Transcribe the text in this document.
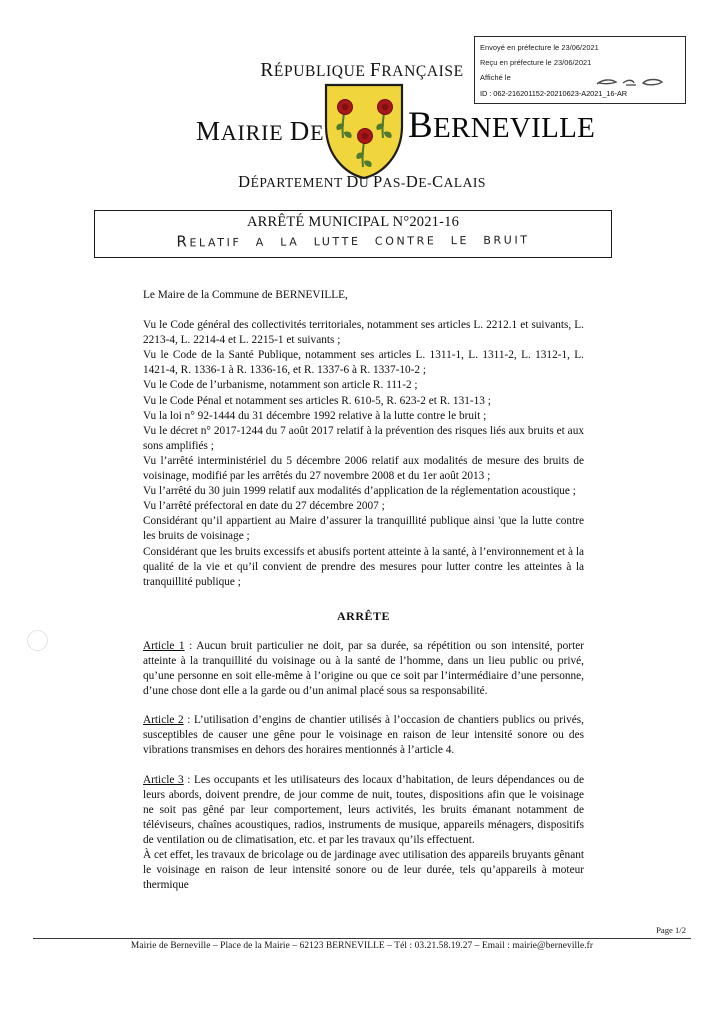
Envoyé en préfecture le 23/06/2021
Reçu en préfecture le 23/06/2021
Affiché le
ID : 062-216201152-20210623-A2021_16-AR
RÉPUBLIQUE FRANÇAISE
MAIRIE DE BERNEVILLE
DÉPARTEMENT DU PAS-DE-CALAIS
ARRÊTÉ MUNICIPAL N°2021-16
Relatif a la lutte contre le bruit

Le Maire de la Commune de BERNEVILLE,

Vu le Code général des collectivités territoriales, notamment ses articles L. 2212.1 et suivants, L. 2213-4, L. 2214-4 et L. 2215-1 et suivants ;

Vu le Code de la Santé Publique, notamment ses articles L. 1311-1, L. 1311-2, L. 1312-1, L. 1421-4, R. 1336-1 à R. 1336-16, et R. 1337-6 à R. 1337-10-2 ;

Vu le Code de l’urbanisme, notamment son article R. 111-2 ;

Vu le Code Pénal et notamment ses articles R. 610-5, R. 623-2 et R. 131-13 ;

Vu la loi n° 92-1444 du 31 décembre 1992 relative à la lutte contre le bruit ;

Vu le décret n° 2017-1244 du 7 août 2017 relatif à la prévention des risques liés aux bruits et aux sons amplifiés ;

Vu l’arrêté interministériel du 5 décembre 2006 relatif aux modalités de mesure des bruits de voisinage, modifié par les arrêtés du 27 novembre 2008 et du 1er août 2013 ;

Vu l’arrêté du 30 juin 1999 relatif aux modalités d’application de la réglementation acoustique ;

Vu l’arrêté préfectoral en date du 27 décembre 2007 ;

Considérant qu’il appartient au Maire d’assurer la tranquillité publique ainsi 'que la lutte contre les bruits de voisinage ;

Considérant que les bruits excessifs et abusifs portent atteinte à la santé, à l’environnement et à la qualité de la vie et qu’il convient de prendre des mesures pour lutter contre les atteintes à la tranquillité publique ;

ARRÊTE

Article 1 : Aucun bruit particulier ne doit, par sa durée, sa répétition ou son intensité, porter atteinte à la tranquillité du voisinage ou à la santé de l’homme, dans un lieu public ou privé, qu’une personne en soit elle-même à l’origine ou que ce soit par l’intermédiaire d’une personne, d’une chose dont elle a la garde ou d’un animal placé sous sa responsabilité.

Article 2 : L’utilisation d’engins de chantier utilisés à l’occasion de chantiers publics ou privés, susceptibles de causer une gêne pour le voisinage en raison de leur intensité sonore ou des vibrations transmises en dehors des horaires mentionnés à l’article 4.

Article 3 : Les occupants et les utilisateurs des locaux d’habitation, de leurs dépendances ou de leurs abords, doivent prendre, de jour comme de nuit, toutes, dispositions afin que le voisinage ne soit pas gêné par leur comportement, leurs activités, les bruits émanant notamment de téléviseurs, chaînes acoustiques, radios, instruments de musique, appareils ménagers, dispositifs de ventilation ou de climatisation, etc. et par les travaux qu’ils effectuent.

À cet effet, les travaux de bricolage ou de jardinage avec utilisation des appareils bruyants gênant le voisinage en raison de leur intensité sonore ou de leur durée, tels qu’appareils à moteur thermique

Page 1/2
Mairie de Berneville – Place de la Mairie – 62123 BERNEVILLE – Tél : 03.21.58.19.27 – Email : mairie@berneville.fr
